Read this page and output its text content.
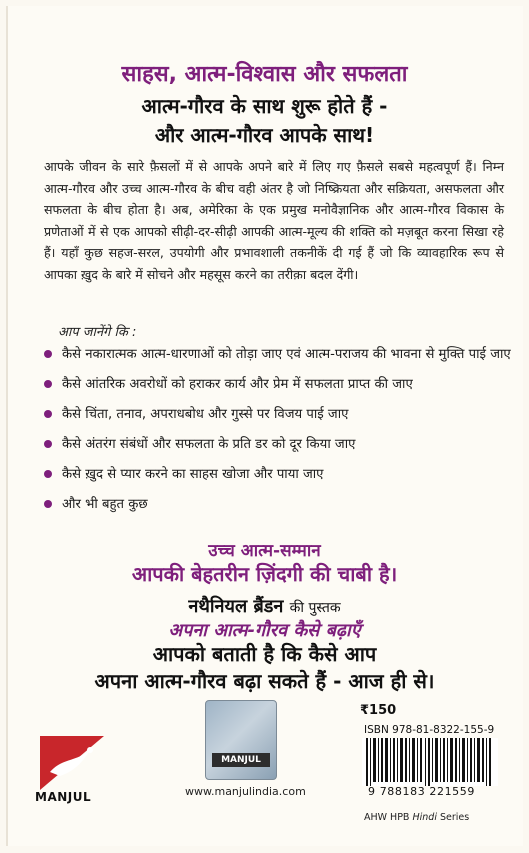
साहस, आत्म-विश्वास और सफलता
आत्म-गौरव के साथ शुरू होते हैं -
और आत्म-गौरव आपके साथ!
आपके जीवन के सारे फ़ैसलों में से आपके अपने बारे में लिए गए फ़ैसले सबसे महत्वपूर्ण हैं। निम्न आत्म-गौरव और उच्च आत्म-गौरव के बीच वही अंतर है जो निष्क्रियता और सक्रियता, असफलता और सफलता के बीच होता है। अब, अमेरिका के एक प्रमुख मनोवैज्ञानिक और आत्म-गौरव विकास के प्रणेताओं में से एक आपको सीढ़ी-दर-सीढ़ी आपकी आत्म-मूल्य की शक्ति को मज़बूत करना सिखा रहे हैं। यहाँ कुछ सहज-सरल, उपयोगी और प्रभावशाली तकनीकें दी गई हैं जो कि व्यावहारिक रूप से आपका ख़ुद के बारे में सोचने और महसूस करने का तरीक़ा बदल देंगी।
आप जानेंगे कि :
कैसे नकारात्मक आत्म-धारणाओं को तोड़ा जाए एवं आत्म-पराजय की भावना से मुक्ति पाई जाए
कैसे आंतरिक अवरोधों को हराकर कार्य और प्रेम में सफलता प्राप्त की जाए
कैसे चिंता, तनाव, अपराधबोध और गुस्से पर विजय पाई जाए
कैसे अंतरंग संबंधों और सफलता के प्रति डर को दूर किया जाए
कैसे ख़ुद से प्यार करने का साहस खोजा और पाया जाए
और भी बहुत कुछ
उच्च आत्म-सम्मान
आपकी बेहतरीन ज़िंदगी की चाबी है।
नथैनियल ब्रैंडन की पुस्तक
अपना आत्म-गौरव कैसे बढ़ाएँ
आपको बताती है कि कैसे आप
अपना आत्म-गौरव बढ़ा सकते हैं - आज ही से।
MANJUL
MANJUL
www.manjulindia.com
₹150
ISBN 978-81-8322-155-9
9 788183 221559
AHW HPB Hindi Series
